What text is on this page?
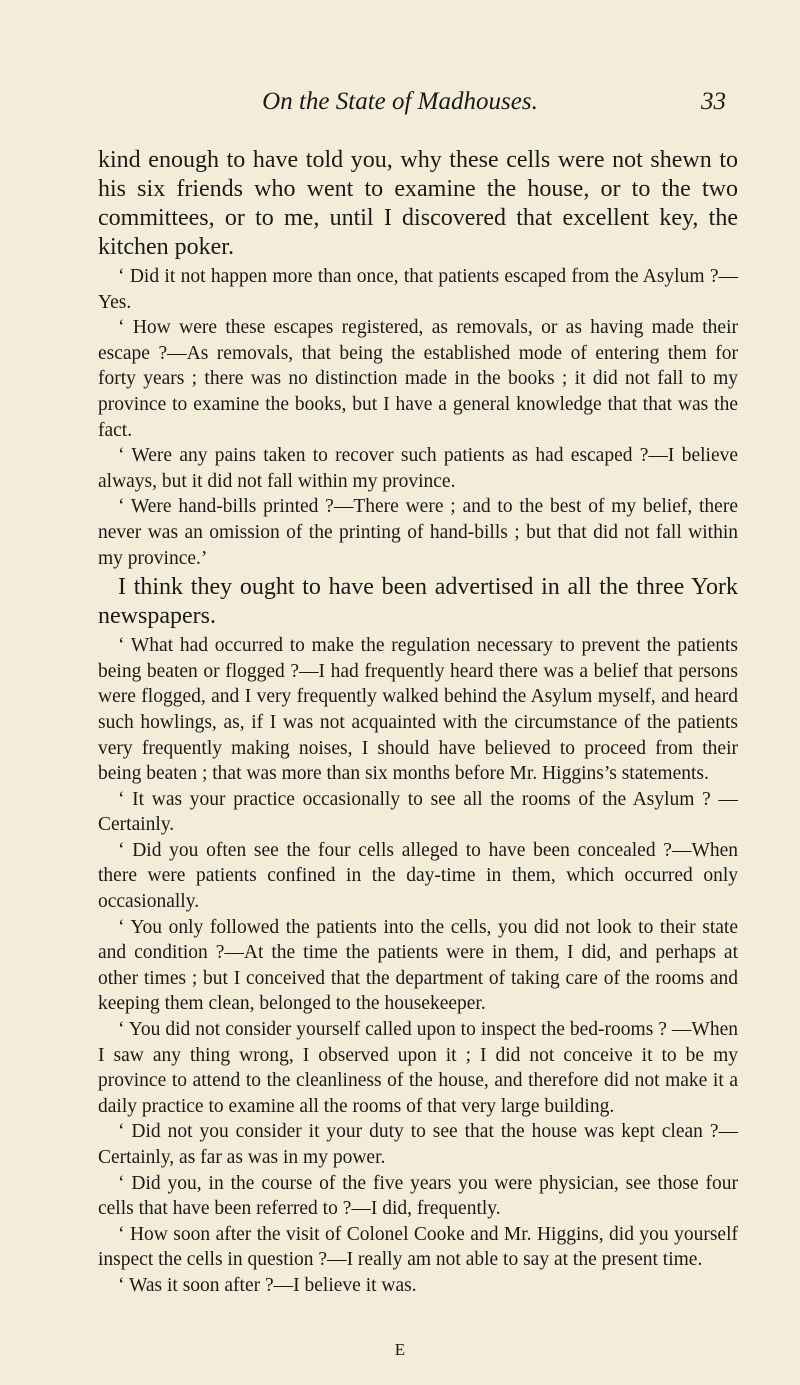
On the State of Madhouses.	33

kind enough to have told you, why these cells were not shewn to his six friends who went to examine the house, or to the two committees, or to me, until I discovered that excellent key, the kitchen poker.

‘ Did it not happen more than once, that patients escaped from the Asylum ?—Yes.

‘ How were these escapes registered, as removals, or as having made their escape ?—As removals, that being the established mode of entering them for forty years ; there was no distinction made in the books ; it did not fall to my province to examine the books, but I have a general knowledge that that was the fact.

‘ Were any pains taken to recover such patients as had escaped ?—I believe always, but it did not fall within my province.

‘ Were hand-bills printed ?—There were ; and to the best of my belief, there never was an omission of the printing of hand-bills ; but that did not fall within my province.’

I think they ought to have been advertised in all the three York newspapers.

‘ What had occurred to make the regulation necessary to prevent the patients being beaten or flogged ?—I had frequently heard there was a belief that persons were flogged, and I very frequently walked behind the Asylum myself, and heard such howlings, as, if I was not acquainted with the circumstance of the patients very frequently making noises, I should have believed to proceed from their being beaten ; that was more than six months before Mr. Higgins’s statements.

‘ It was your practice occasionally to see all the rooms of the Asylum ? —Certainly.

‘ Did you often see the four cells alleged to have been concealed ?—When there were patients confined in the day-time in them, which occurred only occasionally.

‘ You only followed the patients into the cells, you did not look to their state and condition ?—At the time the patients were in them, I did, and perhaps at other times ; but I conceived that the department of taking care of the rooms and keeping them clean, belonged to the housekeeper.

‘ You did not consider yourself called upon to inspect the bed-rooms ? —When I saw any thing wrong, I observed upon it ; I did not conceive it to be my province to attend to the cleanliness of the house, and therefore did not make it a daily practice to examine all the rooms of that very large building.

‘ Did not you consider it your duty to see that the house was kept clean ?—Certainly, as far as was in my power.

‘ Did you, in the course of the five years you were physician, see those four cells that have been referred to ?—I did, frequently.

‘ How soon after the visit of Colonel Cooke and Mr. Higgins, did you yourself inspect the cells in question ?—I really am not able to say at the present time.

‘ Was it soon after ?—I believe it was.

E
